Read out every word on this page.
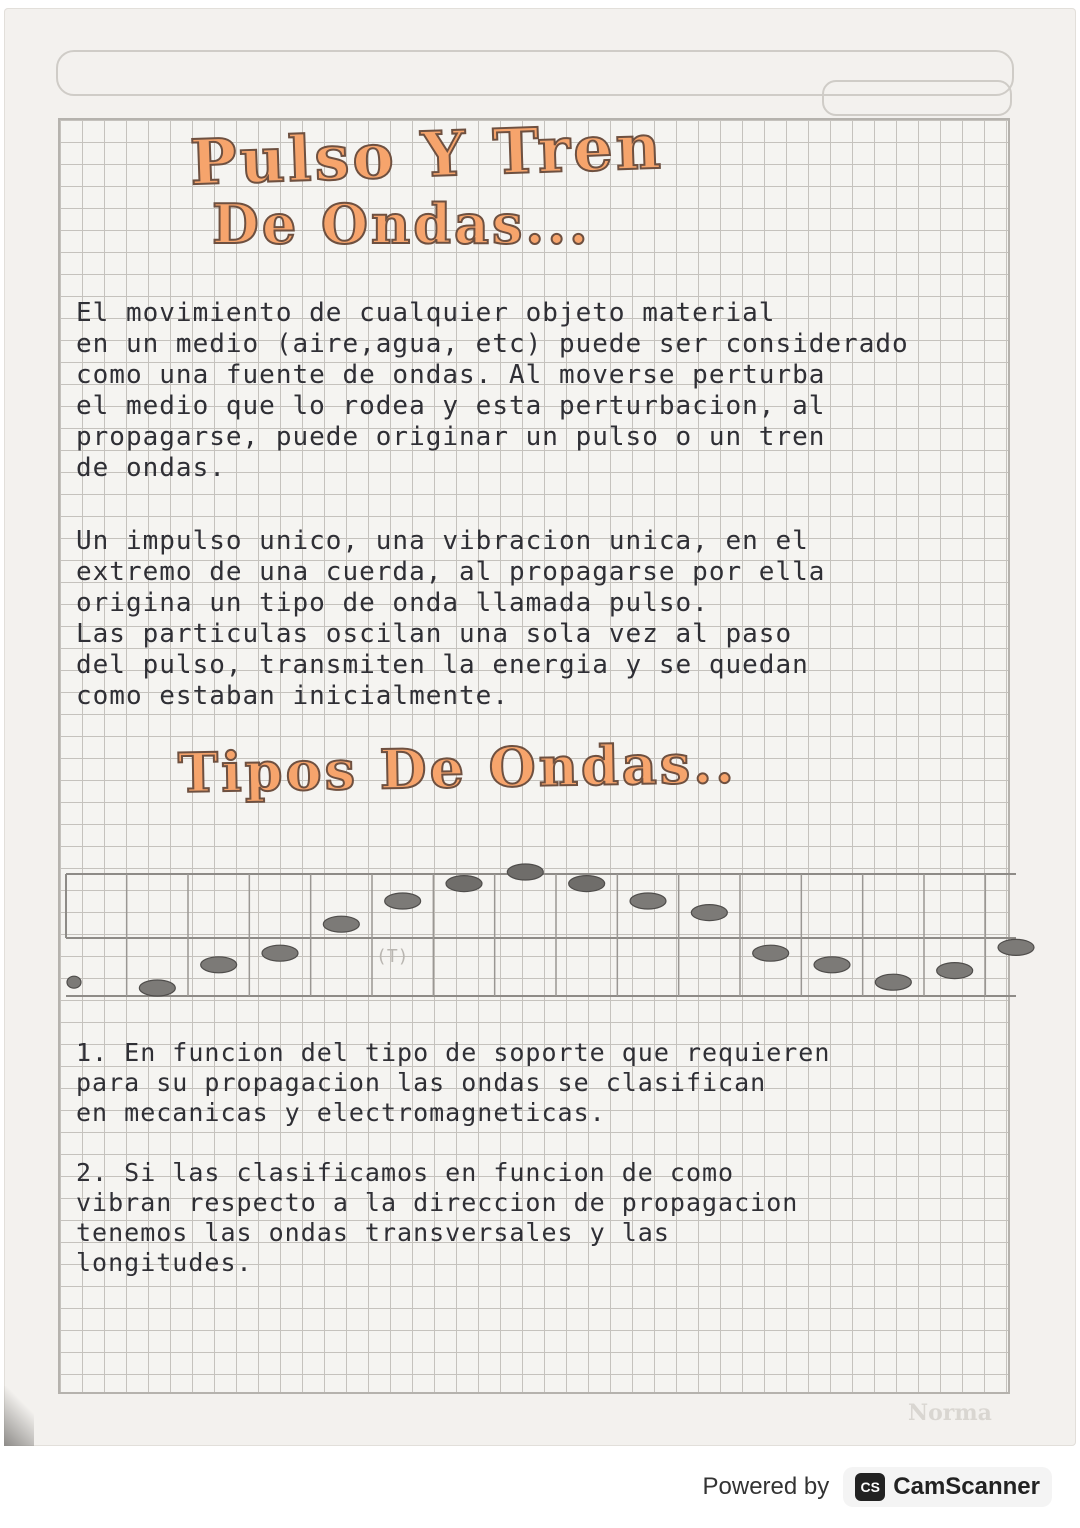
Pulso Y Tren
De Ondas...
El movimiento de cualquier objeto material
en un medio (aire,agua, etc) puede ser considerado
como una fuente de ondas. Al moverse perturba
el medio que lo rodea y esta perturbacion, al
propagarse, puede originar un pulso o un tren
de ondas.
Un impulso unico, una vibracion unica, en el
extremo de una cuerda, al propagarse por ella
origina un tipo de onda llamada pulso.
Las particulas oscilan una sola vez al paso
del pulso, transmiten la energia y se quedan
como estaban inicialmente.
Tipos De Ondas..
(T)
1. En funcion del tipo de soporte que requieren
para su propagacion las ondas se clasifican
en mecanicas y electromagneticas.
2. Si las clasificamos en funcion de como
vibran respecto a la direccion de propagacion
tenemos las ondas transversales y las
longitudes.
Norma
Powered by	CS CamScanner
